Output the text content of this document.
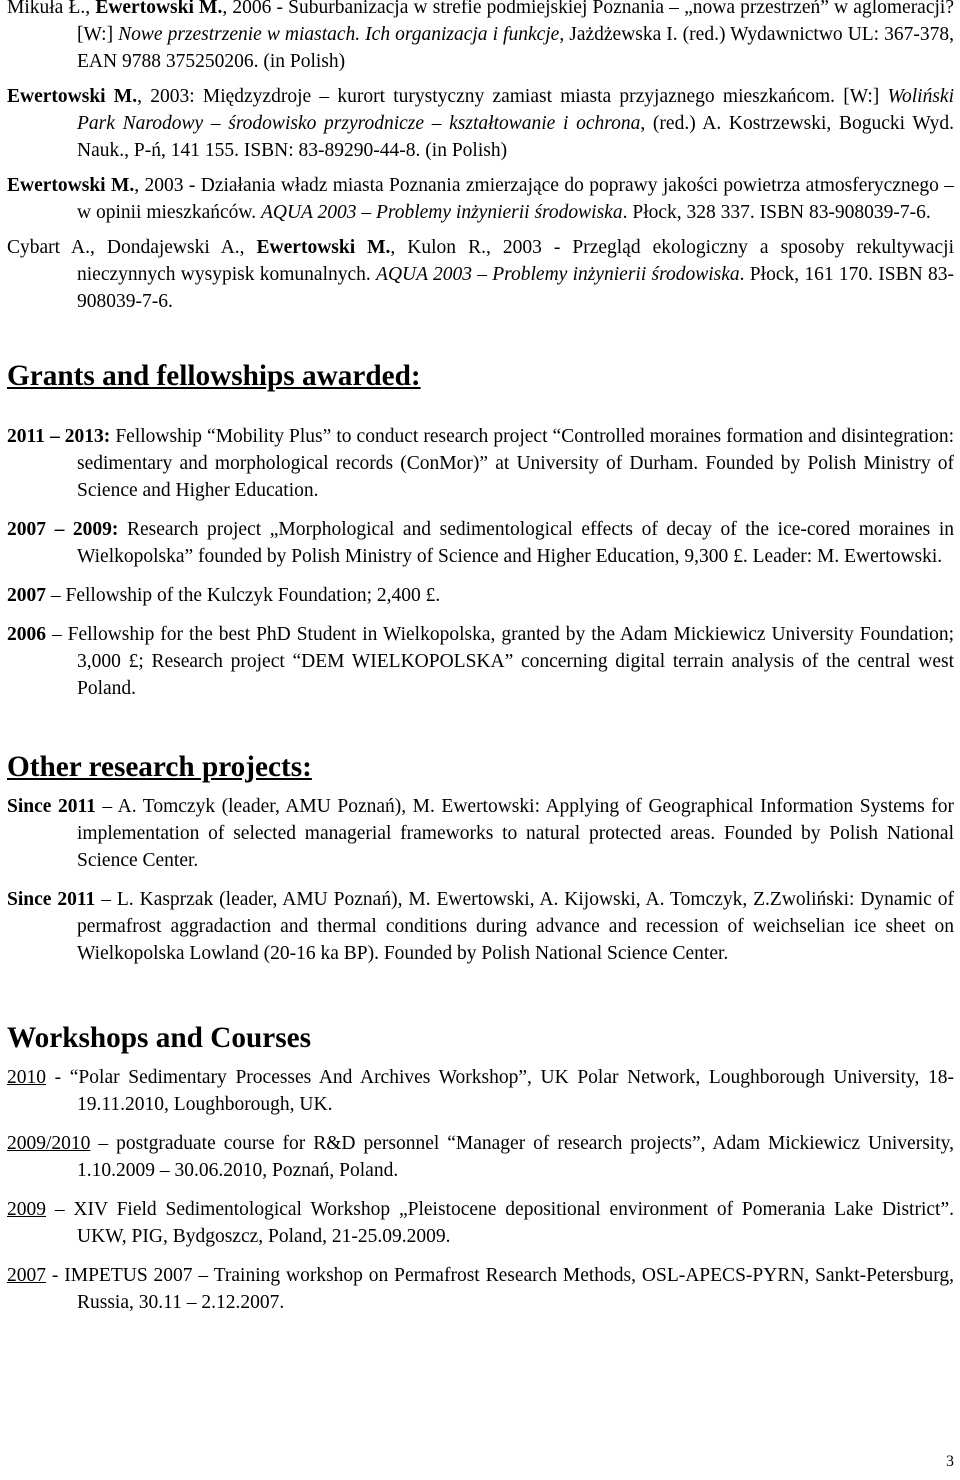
Mikuła Ł., Ewertowski M., 2006 - Suburbanizacja w strefie podmiejskiej Poznania – „nowa przestrzeń” w aglomeracji? [W:] Nowe przestrzenie w miastach. Ich organizacja i funkcje, Jażdżewska I. (red.) Wydawnictwo UL: 367-378, EAN 9788 375250206. (in Polish)

Ewertowski M., 2003: Międzyzdroje – kurort turystyczny zamiast miasta przyjaznego mieszkańcom. [W:] Woliński Park Narodowy – środowisko przyrodnicze – kształtowanie i ochrona, (red.) A. Kostrzewski, Bogucki Wyd. Nauk., P-ń, 141 155. ISBN: 83-89290-44-8. (in Polish)

Ewertowski M., 2003 - Działania władz miasta Poznania zmierzające do poprawy jakości powietrza atmosferycznego – w opinii mieszkańców. AQUA 2003 – Problemy inżynierii środowiska. Płock, 328 337. ISBN 83-908039-7-6.

Cybart A., Dondajewski A., Ewertowski M., Kulon R., 2003 - Przegląd ekologiczny a sposoby rekultywacji nieczynnych wysypisk komunalnych. AQUA 2003 – Problemy inżynierii środowiska. Płock, 161 170. ISBN 83-908039-7-6.

Grants and fellowships awarded:

2011 – 2013: Fellowship “Mobility Plus” to conduct research project “Controlled moraines formation and disintegration: sedimentary and morphological records (ConMor)” at University of Durham. Founded by Polish Ministry of Science and Higher Education.

2007 – 2009: Research project „Morphological and sedimentological effects of decay of the ice-cored moraines in Wielkopolska” founded by Polish Ministry of Science and Higher Education, 9,300 £. Leader: M. Ewertowski.

2007 – Fellowship of the Kulczyk Foundation; 2,400 £.

2006 – Fellowship for the best PhD Student in Wielkopolska, granted by the Adam Mickiewicz University Foundation; 3,000 £; Research project “DEM WIELKOPOLSKA” concerning digital terrain analysis of the central west Poland.

Other research projects:

Since 2011 – A. Tomczyk (leader, AMU Poznań), M. Ewertowski: Applying of Geographical Information Systems for implementation of selected managerial frameworks to natural protected areas. Founded by Polish National Science Center.

Since 2011 – L. Kasprzak (leader, AMU Poznań), M. Ewertowski, A. Kijowski, A. Tomczyk, Z.Zwoliński: Dynamic of permafrost aggradaction and thermal conditions during advance and recession of weichselian ice sheet on Wielkopolska Lowland (20-16 ka BP). Founded by Polish National Science Center.

Workshops and Courses

2010 - “Polar Sedimentary Processes And Archives Workshop”, UK Polar Network, Loughborough University, 18-19.11.2010, Loughborough, UK.

2009/2010 – postgraduate course for R&D personnel “Manager of research projects”, Adam Mickiewicz University, 1.10.2009 – 30.06.2010, Poznań, Poland.

2009 – XIV Field Sedimentological Workshop „Pleistocene depositional environment of Pomerania Lake District”. UKW, PIG, Bydgoszcz, Poland, 21-25.09.2009.

2007 - IMPETUS 2007 – Training workshop on Permafrost Research Methods, OSL-APECS-PYRN, Sankt-Petersburg, Russia, 30.11 – 2.12.2007.

3
